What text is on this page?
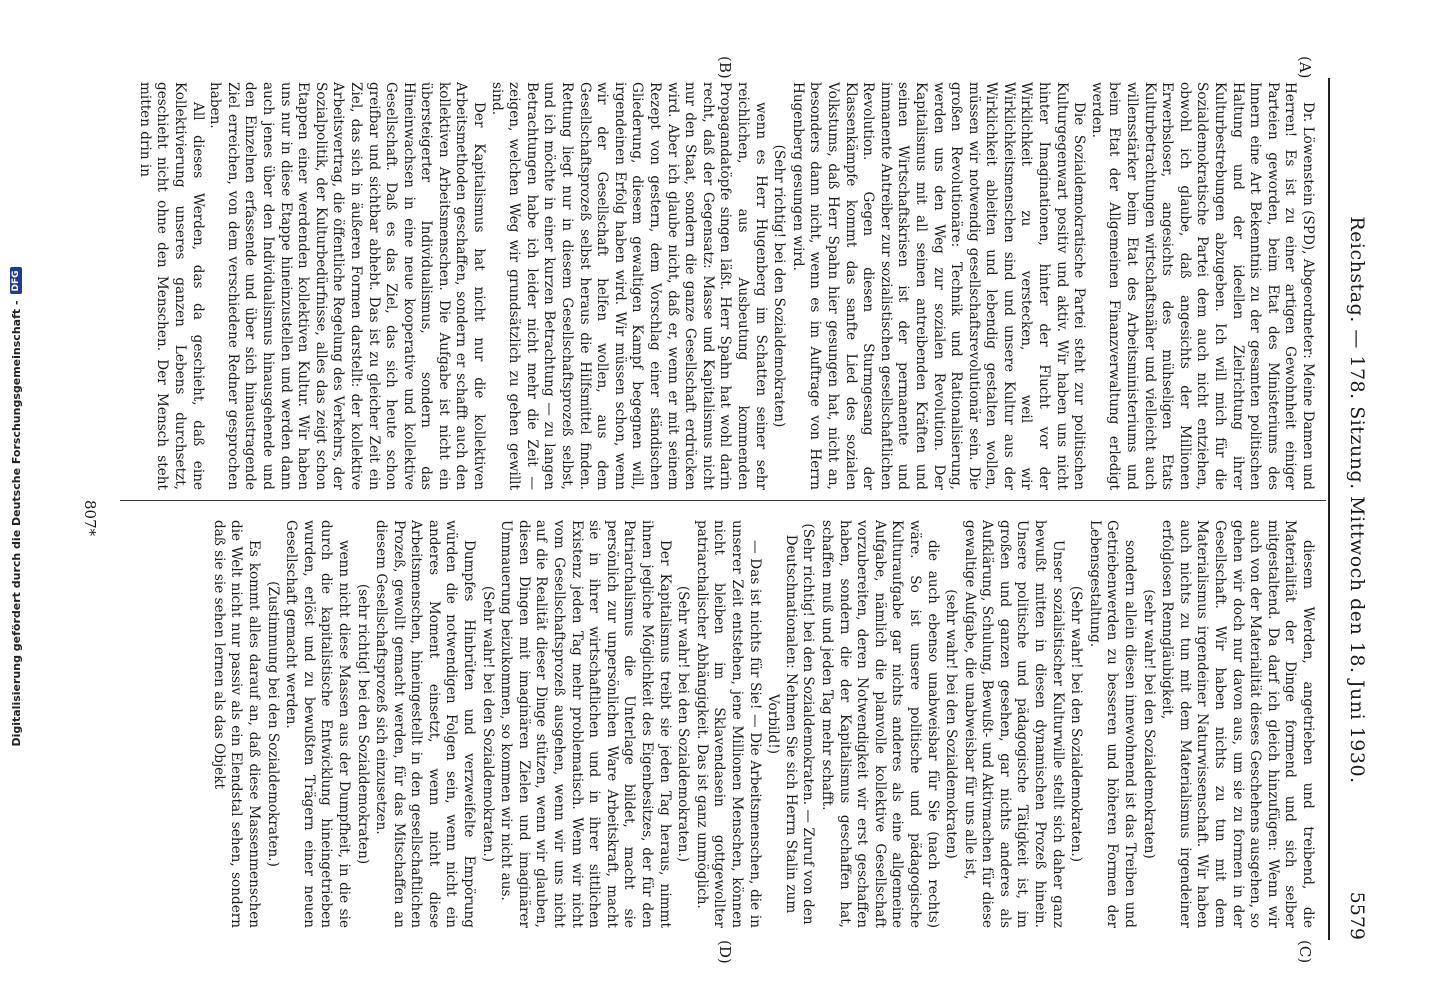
Reichstag. — 178. Sitzung. Mittwoch den 18. Juni 1930.
5579
(A)
(B)
(C)
(D)

Dr. Löwenstein (SPD), Abgeordneter: Meine Damen und Herren! Es ist zu einer artigen Gewohnheit einiger Parteien geworden, beim Etat des Ministeriums des Innern eine Art Bekenntnis zu der gesamten politischen Haltung und der ideellen Zielrichtung ihrer Kulturbestrebungen abzugeben. Ich will mich für die Sozialdemokratische Partei dem auch nicht entziehen, obwohl ich glaube, daß angesichts der Millionen Erwerbsloser, angesichts des mühseligen Etats Kulturbetrachtungen wirtschaftsnäher und vielleicht auch willensstärker beim Etat des Arbeitsministeriums und beim Etat der Allgemeinen Finanzverwaltung erledigt werden.

Die Sozialdemokratische Partei steht zur politischen Kulturgegenwart positiv und aktiv. Wir haben uns nicht hinter Imaginationen, hinter der Flucht vor der Wirklichkeit zu verstecken, weil wir Wirklichkeitsmenschen sind und unsere Kultur aus der Wirklichkeit ableiten und lebendig gestalten wollen, müssen wir notwendig gesellschaftsrevolutionär sein. Die großen Revolutionäre: Technik und Rationalisierung, werden uns den Weg zur sozialen Revolution. Der Kapitalismus mit all seinen antreibenden Kräften und seinen Wirtschaftskrisen ist der permanente und immanente Antreiber zur sozialistischen gesellschaftlichen Revolution. Gegen diesen Sturmgesang der Klassenkämpfe kommt das sanfte Lied des sozialen Volkstums, daß Herr Spahn hier gesungen hat, nicht an, besonders dann nicht, wenn es im Auftrage von Herrn Hugenberg gesungen wird.

(Sehr richtig! bei den Sozialdemokraten)

wenn es Herr Hugenberg im Schatten seiner sehr reichlichen, aus Ausbeutung kommenden Propagandatöpfe singen läßt. Herr Spahn hat wohl darin recht, daß der Gegensatz: Masse und Kapitalismus nicht nur den Staat, sondern die ganze Gesellschaft erdrücken wird. Aber ich glaube nicht, daß er, wenn er mit seinem Rezept von gestern, dem Vorschlag einer ständischen Gliederung, diesem gewaltigen Kampf begegnen will, irgendeinen Erfolg haben wird. Wir müssen schon, wenn wir der Gesellschaft helfen wollen, aus dem Gesellschaftsprozeß selbst heraus die Hilfsmittel finden. Rettung liegt nur in diesem Gesellschaftsprozeß selbst, und ich möchte in einer kurzen Betrachtung — zu langen Betrachtungen habe ich leider nicht mehr die Zeit — zeigen, welchen Weg wir grundsätzlich zu gehen gewillt sind.

Der Kapitalismus hat nicht nur die kollektiven Arbeitsmethoden geschaffen, sondern er schafft auch den kollektiven Arbeitsmenschen. Die Aufgabe ist nicht ein übersteigerter Individualismus, sondern das Hineinwachsen in eine neue kooperative und kollektive Gesellschaft. Daß es das Ziel, das sich heute schon greifbar und sichtbar abhebt. Das ist zu gleicher Zeit ein Ziel, das sich in äußeren Formen darstellt: der kollektive Arbeitsvertrag, die öffentliche Regelung des Verkehrs, der Sozialpolitik, der Kulturbedürfnisse, alles das zeigt schon Etappen einer werdenden kollektiven Kultur. Wir haben uns nur in diese Etappe hineinzustellen und werden dann auch jenes über den Individualismus hinausgehende und den Einzelnen erfassende und über sich hinaustragende Ziel erreichen, von dem verschiedene Redner gesprochen haben.

All dieses Werden, das da geschieht, daß eine Kollektivierung unseres ganzen Lebens durchsetzt, geschieht nicht ohne den Menschen. Der Mensch steht mitten drin in

diesem Werden, angetrieben und treibend, die Materialität der Dinge formend und sich selber mitgestaltend. Da darf ich gleich hinzufügen: Wenn wir auch von der Materialität dieses Geschehens ausgehen, so gehen wir doch nur davon aus, um sie zu formen in der Gesellschaft. Wir haben nichts zu tun mit dem Materialismus irgendeiner Naturwissenschaft. Wir haben auch nichts zu tun mit dem Materialismus irgendeiner erfolglosen Renngläubigkeit,

(sehr wahr! bei den Sozialdemokraten)

sondern allein diesen innewohnend ist das Treiben und Getriebenwerden zu besseren und höheren Formen der Lebensgestaltung.

(Sehr wahr! bei den Sozialdemokraten.)

Unser sozialistischer Kulturwille stellt sich daher ganz bewußt mitten in diesen dynamischen Prozeß hinein. Unsere politische und pädagogische Tätigkeit ist, im großen und ganzen gesehen, gar nichts anderes als Aufklärung, Schulung, Bewußt- und Aktivmachen für diese gewaltige Aufgabe, die unabweisbar für uns alle ist,

(sehr wahr! bei den Sozialdemokraten)

die auch ebenso unabweisbar für Sie (nach rechts) wäre. So ist unsere politische und pädagogische Kulturaufgabe gar nichts anderes als eine allgemeine Aufgabe, nämlich die planvolle kollektive Gesellschaft vorzubereiten, deren Notwendigkeit wir erst geschaffen haben, sondern die der Kapitalismus geschaffen hat, schaffen muß und jeden Tag mehr schafft.

(Sehr richtig! bei den Sozialdemokraten. — Zuruf von den Deutschnationalen: Nehmen Sie sich Herrn Stalin zum Vorbild!)

— Das ist nichts für Sie! — Die Arbeitsmenschen, die in unserer Zeit entstehen, jene Millionen Menschen, können nicht bleiben im Sklavendasein gottgewollter patriarchalischer Abhängigkeit. Das ist ganz unmöglich.

(Sehr wahr! bei den Sozialdemokraten.)

Der Kapitalismus treibt sie jeden Tag heraus, nimmt ihnen jegliche Möglichkeit des Eigenbesitzes, der für den Patriarchalismus die Unterlage bildet, macht sie persönlich zur unpersönlichen Ware Arbeitskraft, macht sie in ihrer wirtschaftlichen und in ihrer sittlichen Existenz jeden Tag mehr problematisch. Wenn wir nicht vom Gesellschaftsprozeß ausgehen, wenn wir uns nicht auf die Realität dieser Dinge stützen, wenn wir glauben, diesen Dingen mit imaginären Zielen und imaginärer Ummauerung beizukommen, so kommen wir nicht aus.

(Sehr wahr! bei den Sozialdemokraten.)

Dumpfes Hinbrüten und verzweifelte Empörung würden die notwendigen Folgen sein, wenn nicht ein anderes Moment einsetzt, wenn nicht diese Arbeitsmenschen, hineingestellt in den gesellschaftlichen Prozeß, gewollt gemacht werden, für das Mitschaffen an diesem Gesellschaftsprozeß sich einzusetzen.

(sehr richtig! bei den Sozialdemokraten)

wenn nicht diese Massen aus der Dumpfheit, in die sie durch die kapitalistische Entwicklung hineingetrieben wurden, erlöst und zu bewußten Trägern einer neuen Gesellschaft gemacht werden.

(Zustimmung bei den Sozialdemokraten.)

Es kommt alles darauf an, daß diese Massenmenschen die Welt nicht nur passiv als ein Elendstal sehen, sondern daß sie sie sehen lernen als das Objekt

807*
Digitalisierung gefördert durch die Deutsche Forschungsgemeinschaft -
DFG
